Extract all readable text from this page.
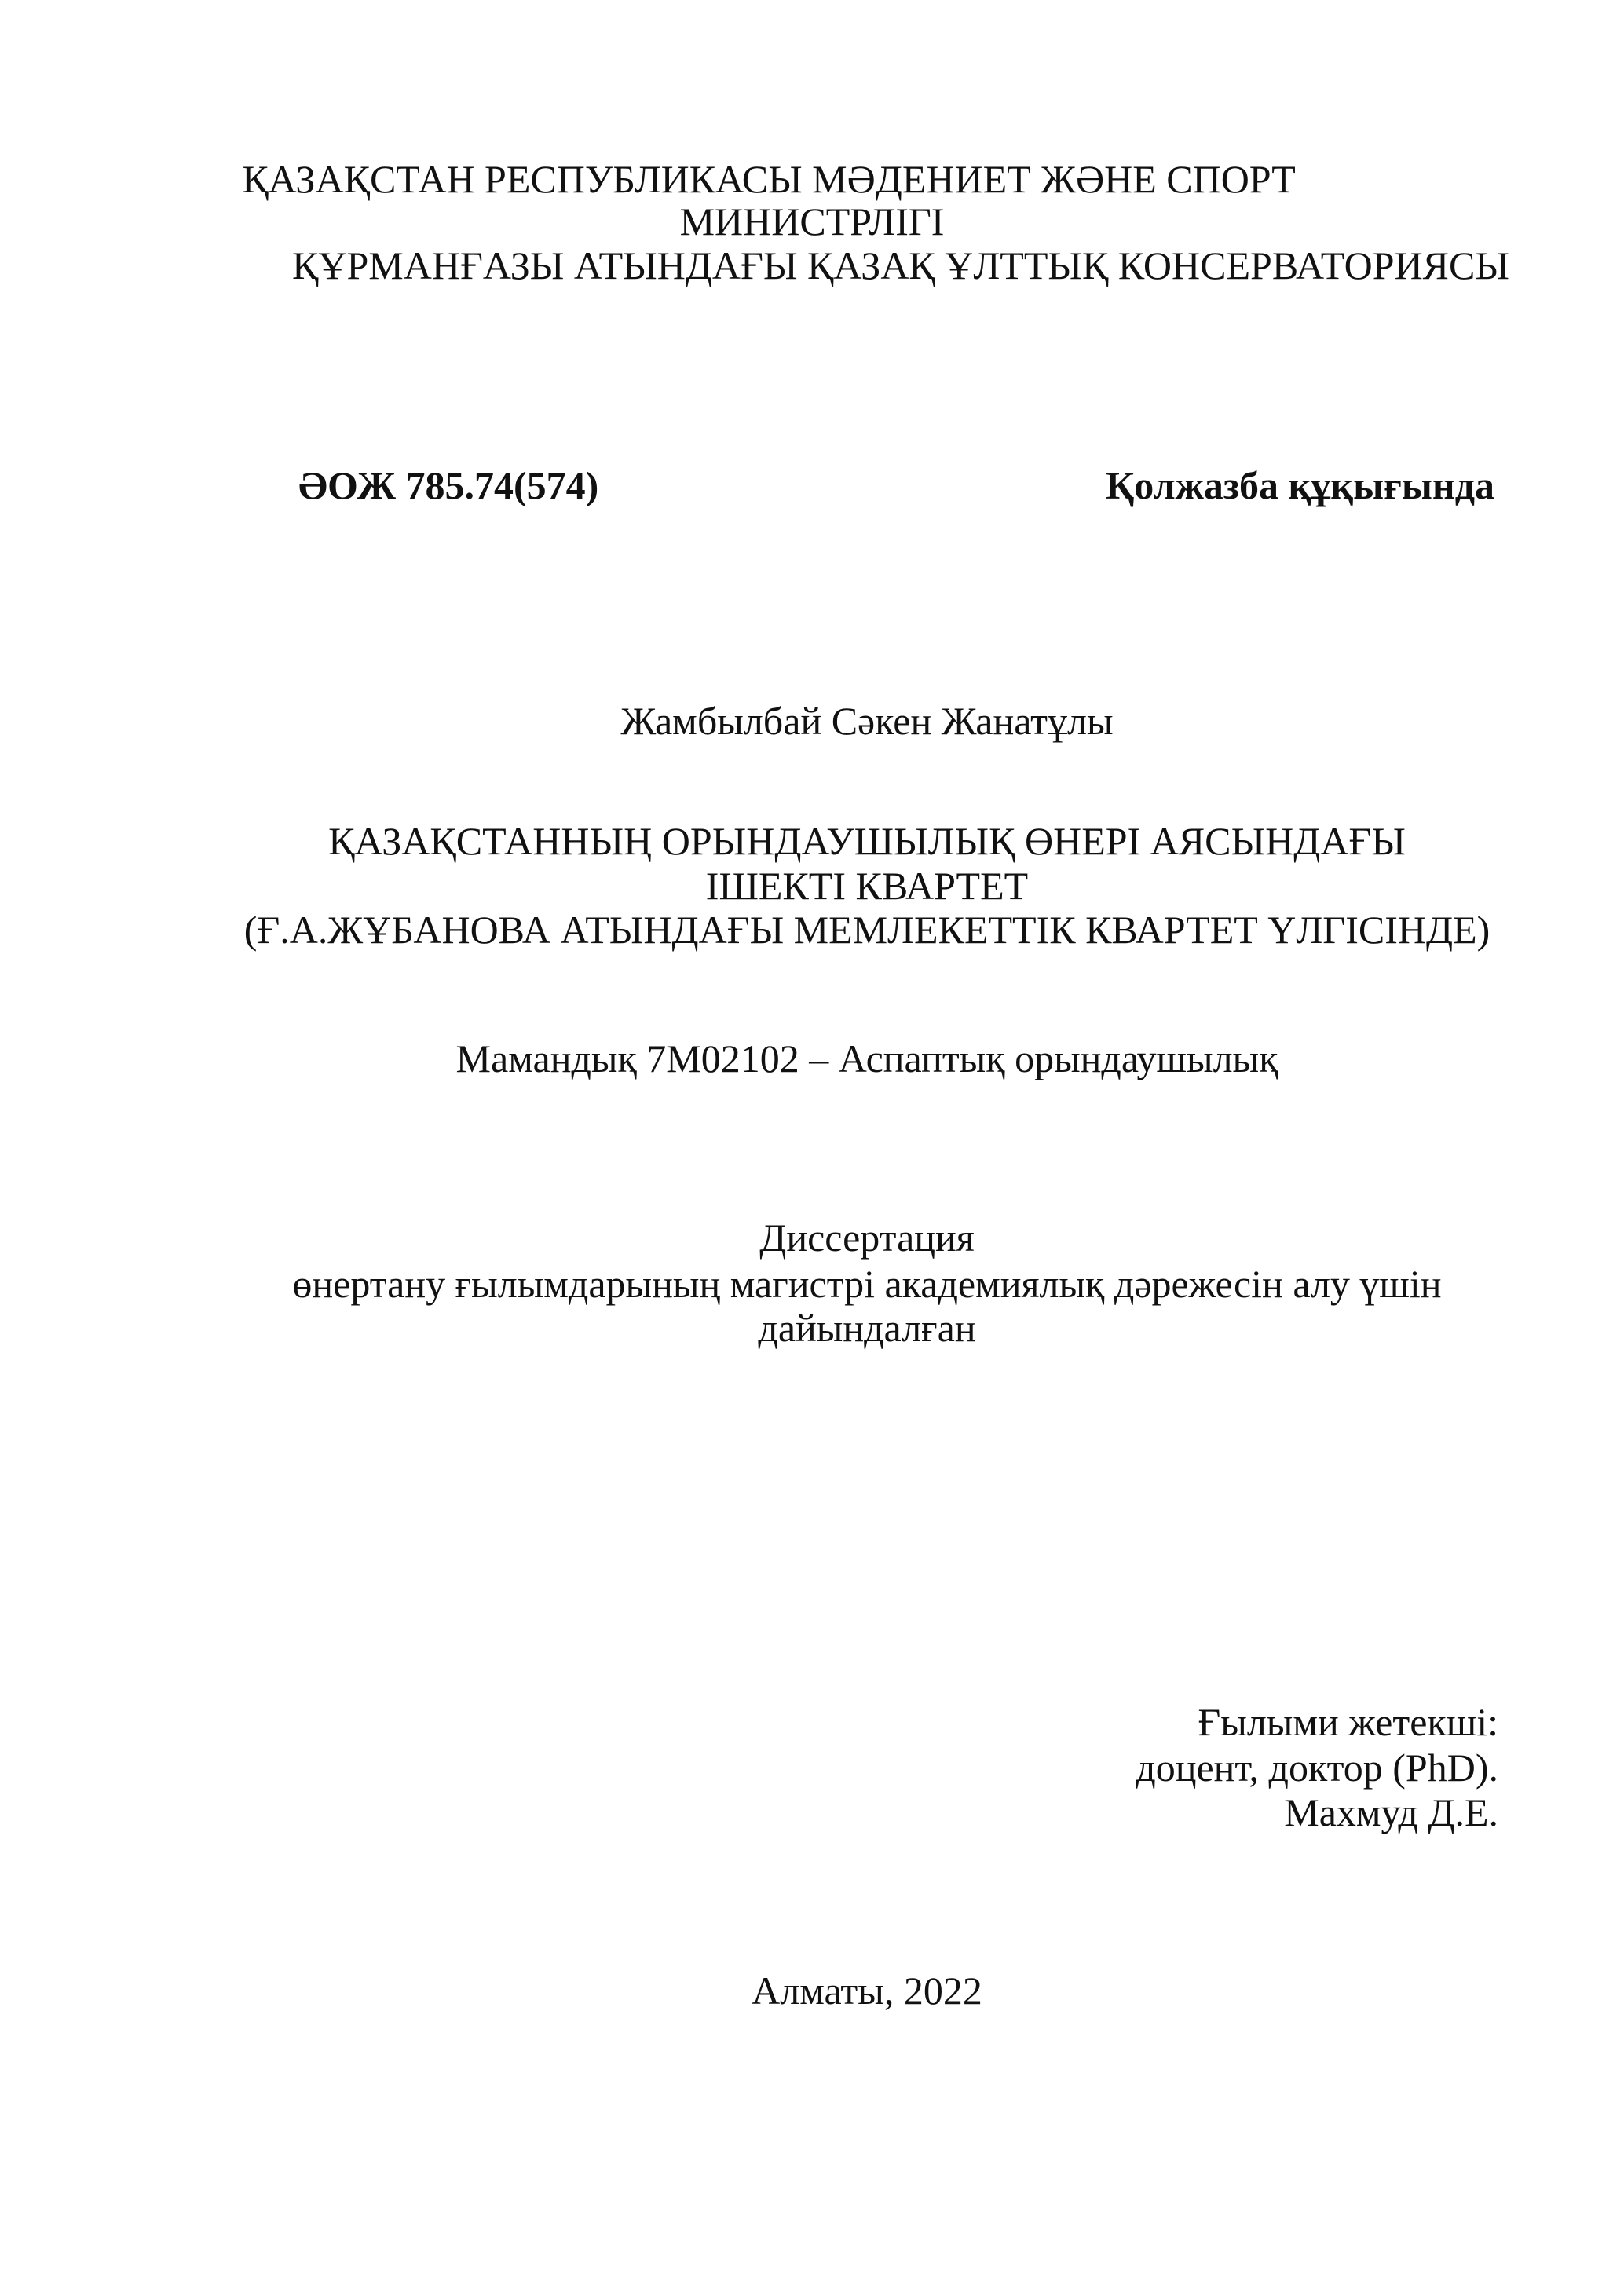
ҚАЗАҚСТАН РЕСПУБЛИКАСЫ МӘДЕНИЕТ ЖӘНЕ СПОРТ
МИНИСТРЛІГІ
ҚҰРМАНҒАЗЫ АТЫНДАҒЫ ҚАЗАҚ ҰЛТТЫҚ КОНСЕРВАТОРИЯСЫ
ӘОЖ 785.74(574)	Қолжазба құқығында
Жамбылбай Сәкен Жанатұлы
ҚАЗАҚСТАННЫҢ ОРЫНДАУШЫЛЫҚ ӨНЕРІ АЯСЫНДАҒЫ
ІШЕКТІ КВАРТЕТ
(Ғ.А.ЖҰБАНОВА АТЫНДАҒЫ МЕМЛЕКЕТТІК КВАРТЕТ ҮЛГІСІНДЕ)
Мамандық 7М02102 – Аспаптық орындаушылық
Диссертация
өнертану ғылымдарының магистрі академиялық дәрежесін алу үшін
дайындалған
Ғылыми жетекші:
доцент, доктор (PhD).
Махмуд Д.Е.
Алматы, 2022
